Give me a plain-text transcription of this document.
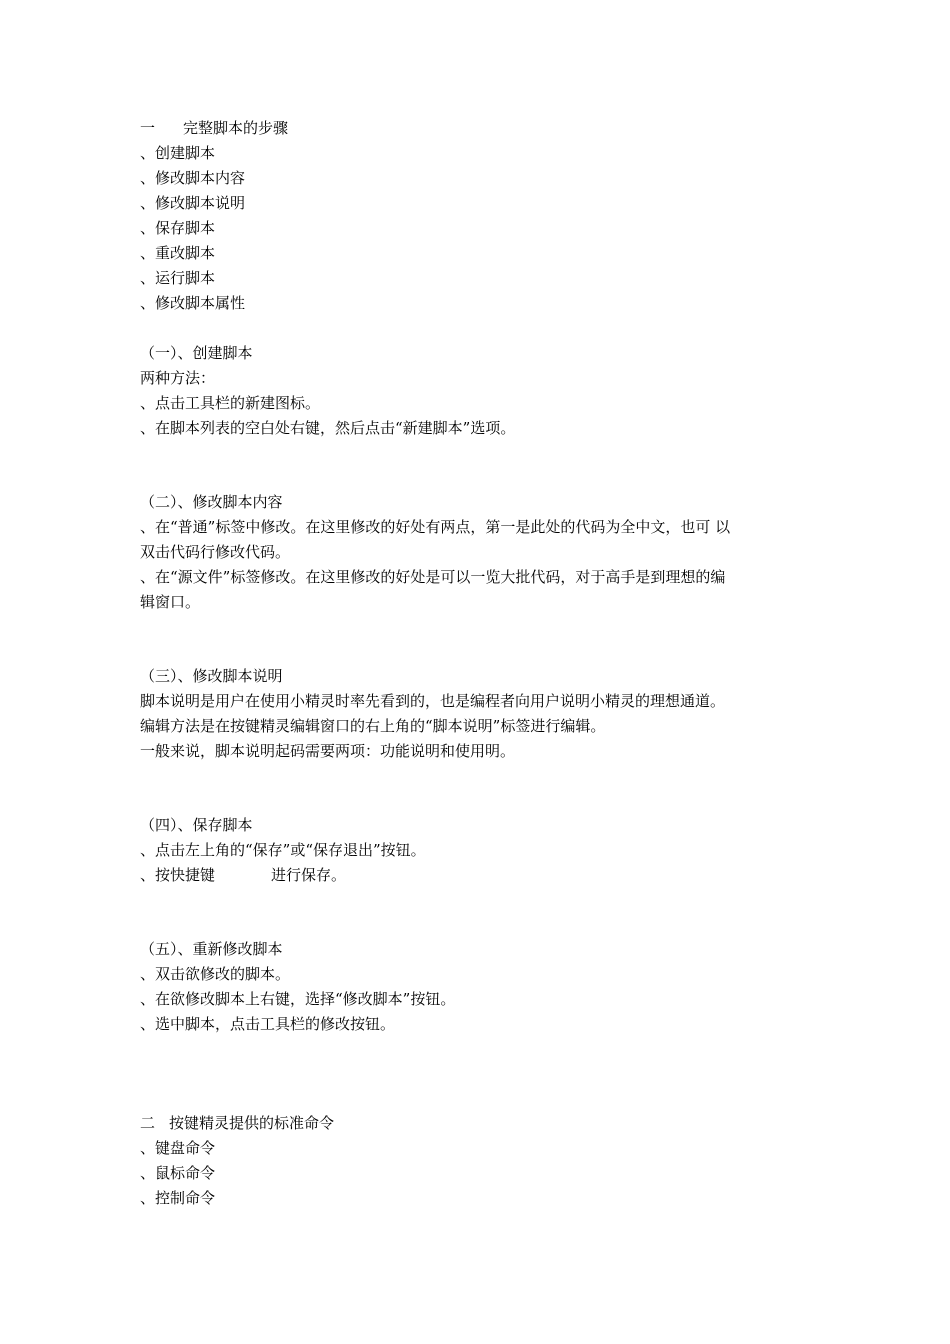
一 完整脚本的步骤
、创建脚本
、修改脚本内容
、修改脚本说明
、保存脚本
、重改脚本
、运行脚本
、修改脚本属性
（一）、创建脚本
两种方法：
、点击工具栏的新建图标。
、在脚本列表的空白处右键，然后点击“新建脚本”选项。
（二）、修改脚本内容
、在“普通”标签中修改。在这里修改的好处有两点，第一是此处的代码为全中文，也可 以
双击代码行修改代码。
、在“源文件”标签修改。在这里修改的好处是可以一览大批代码，对于高手是到理想的编
辑窗口。
（三）、修改脚本说明
脚本说明是用户在使用小精灵时率先看到的，也是编程者向用户说明小精灵的理想通道。
编辑方法是在按键精灵编辑窗口的右上角的“脚本说明”标签进行编辑。
一般来说，脚本说明起码需要两项：功能说明和使用明。
（四）、保存脚本
、点击左上角的“保存”或“保存退出”按钮。
、按快捷键	进行保存。
（五）、重新修改脚本
、双击欲修改的脚本。
、在欲修改脚本上右键，选择“修改脚本”按钮。
、选中脚本，点击工具栏的修改按钮。
二 按键精灵提供的标准命令
、键盘命令
、鼠标命令
、控制命令
